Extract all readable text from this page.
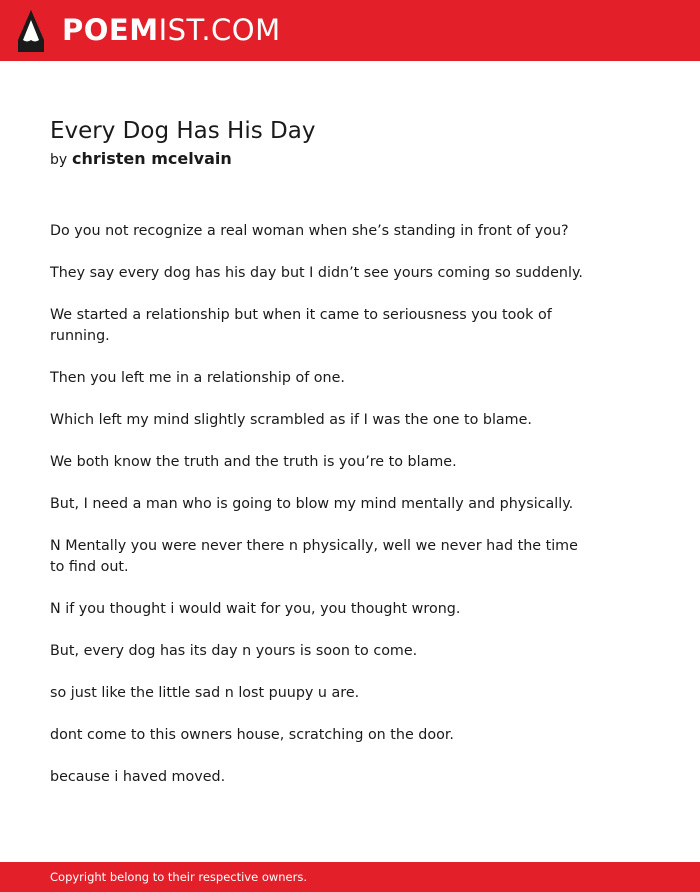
POEMIST.COM
Every Dog Has His Day

by christen mcelvain

Do you not recognize a real woman when she’s standing in front of you?

They say every dog has his day but I didn’t see yours coming so suddenly.

We started a relationship but when it came to seriousness you took of running.

Then you left me in a relationship of one.

Which left my mind slightly scrambled as if I was the one to blame.

We both know the truth and the truth is you’re to blame.

But, I need a man who is going to blow my mind mentally and physically.

N Mentally you were never there n physically, well we never had the time to find out.

N if you thought i would wait for you, you thought wrong.

But, every dog has its day n yours is soon to come.

so just like the little sad n lost puupy u are.

dont come to this owners house, scratching on the door.

because i haved moved.

Copyright belong to their respective owners.
